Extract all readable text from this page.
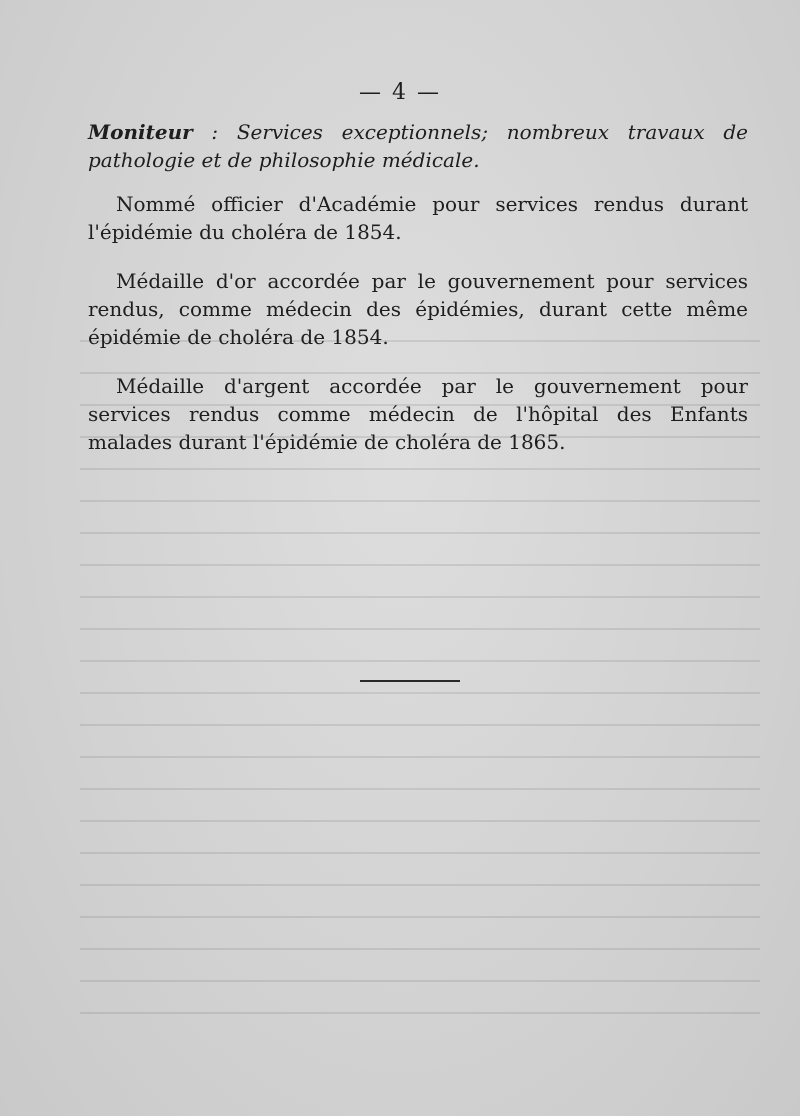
— 4 —

Moniteur : Services exceptionnels; nombreux travaux de pathologie et de philosophie médicale.

Nommé officier d'Académie pour services rendus durant l'épidémie du choléra de 1854.

Médaille d'or accordée par le gouvernement pour services rendus, comme médecin des épidémies, durant cette même épidémie de choléra de 1854.

Médaille d'argent accordée par le gouvernement pour services rendus comme médecin de l'hôpital des Enfants malades durant l'épidémie de choléra de 1865.
